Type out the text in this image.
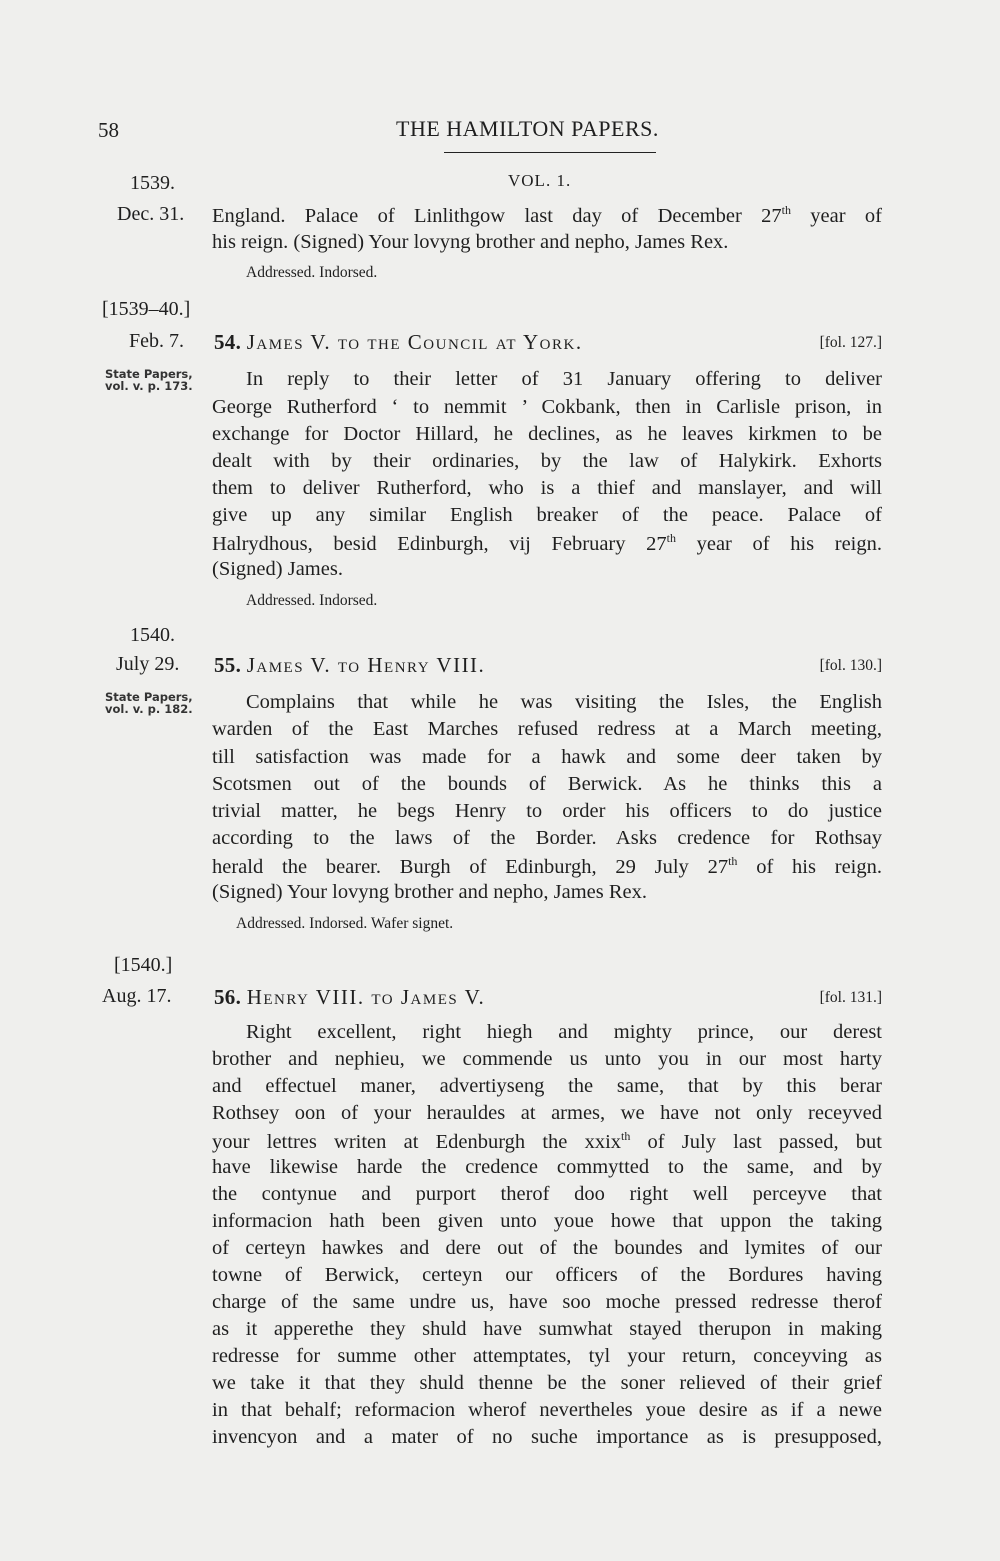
58	THE HAMILTON PAPERS.
1539.	VOL. 1.
Dec. 31. England. Palace of Linlithgow last day of December 27th year of
his reign. (Signed) Your lovyng brother and nepho, James Rex.
Addressed. Indorsed.
[1539–40.]
Feb. 7. 54. James V. to the Council at York.	[fol. 127.]
State Papers,
vol. v. p. 173.	In reply to their letter of 31 January offering to deliver
George Rutherford ‘ to nemmit ’ Cokbank, then in Carlisle prison, in
exchange for Doctor Hillard, he declines, as he leaves kirkmen to be
dealt with by their ordinaries, by the law of Halykirk. Exhorts
them to deliver Rutherford, who is a thief and manslayer, and will
give up any similar English breaker of the peace. Palace of
Halrydhous, besid Edinburgh, vij February 27th year of his reign.
(Signed) James.
Addressed. Indorsed.
1540.
July 29. 55. James V. to Henry VIII.	[fol. 130.]
State Papers,
vol. v. p. 182.	Complains that while he was visiting the Isles, the English
warden of the East Marches refused redress at a March meeting,
till satisfaction was made for a hawk and some deer taken by
Scotsmen out of the bounds of Berwick. As he thinks this a
trivial matter, he begs Henry to order his officers to do justice
according to the laws of the Border. Asks credence for Rothsay
herald the bearer. Burgh of Edinburgh, 29 July 27th of his reign.
(Signed) Your lovyng brother and nepho, James Rex.
Addressed. Indorsed. Wafer signet.
[1540.]
Aug. 17. 56. Henry VIII. to James V.	[fol. 131.]
Right excellent, right hiegh and mighty prince, our derest
brother and nephieu, we commende us unto you in our most harty
and effectuel maner, advertiyseng the same, that by this berar
Rothsey oon of your herauldes at armes, we have not only receyved
your lettres writen at Edenburgh the xxix$^{th}$ of July last passed, but
have likewise harde the credence commytted to the same, and by
the contynue and purport therof doo right well perceyve that
informacion hath been given unto youe howe that uppon the taking
of certeyn hawkes and dere out of the boundes and lymites of our
towne of Berwick, certeyn our officers of the Bordures having
charge of the same undre us, have soo moche pressed redresse therof
as it apperethe they shuld have sumwhat stayed therupon in making
redresse for summe other attemptates, tyl your return, conceyving as
we take it that they shuld thenne be the soner relieved of their grief
in that behalf; reformacion wherof nevertheles youe desire as if a newe
invencyon and a mater of no suche importance as is presupposed,
